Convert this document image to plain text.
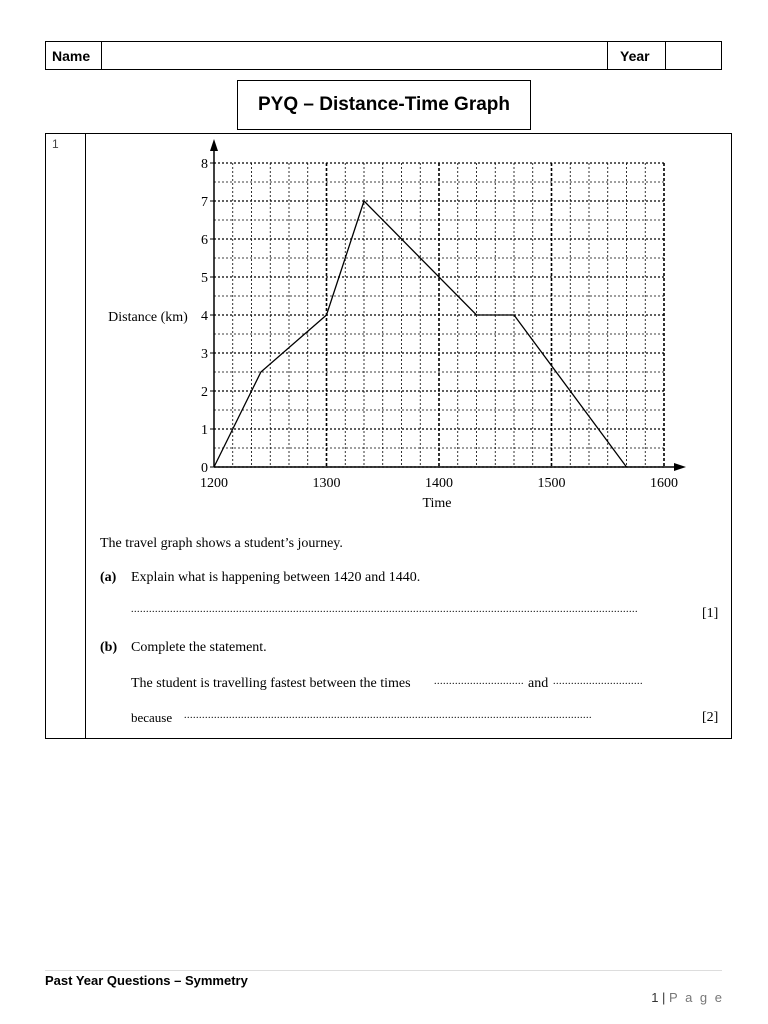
Name	Year
PYQ – Distance-Time Graph
1
0
1
2
3
4
5
6
7
8
1200	1300	1400	1500	1600
Distance (km)
Time
The travel graph shows a student’s journey.
(a) Explain what is happening between 1420 and 1440.
.........................................................................................................................................................................	[1]
(b) Complete the statement.
The student is travelling fastest between the times .............................. and ..............................
because ........................................................................................................................................	[2]
Past Year Questions – Symmetry
1 | P a g e
